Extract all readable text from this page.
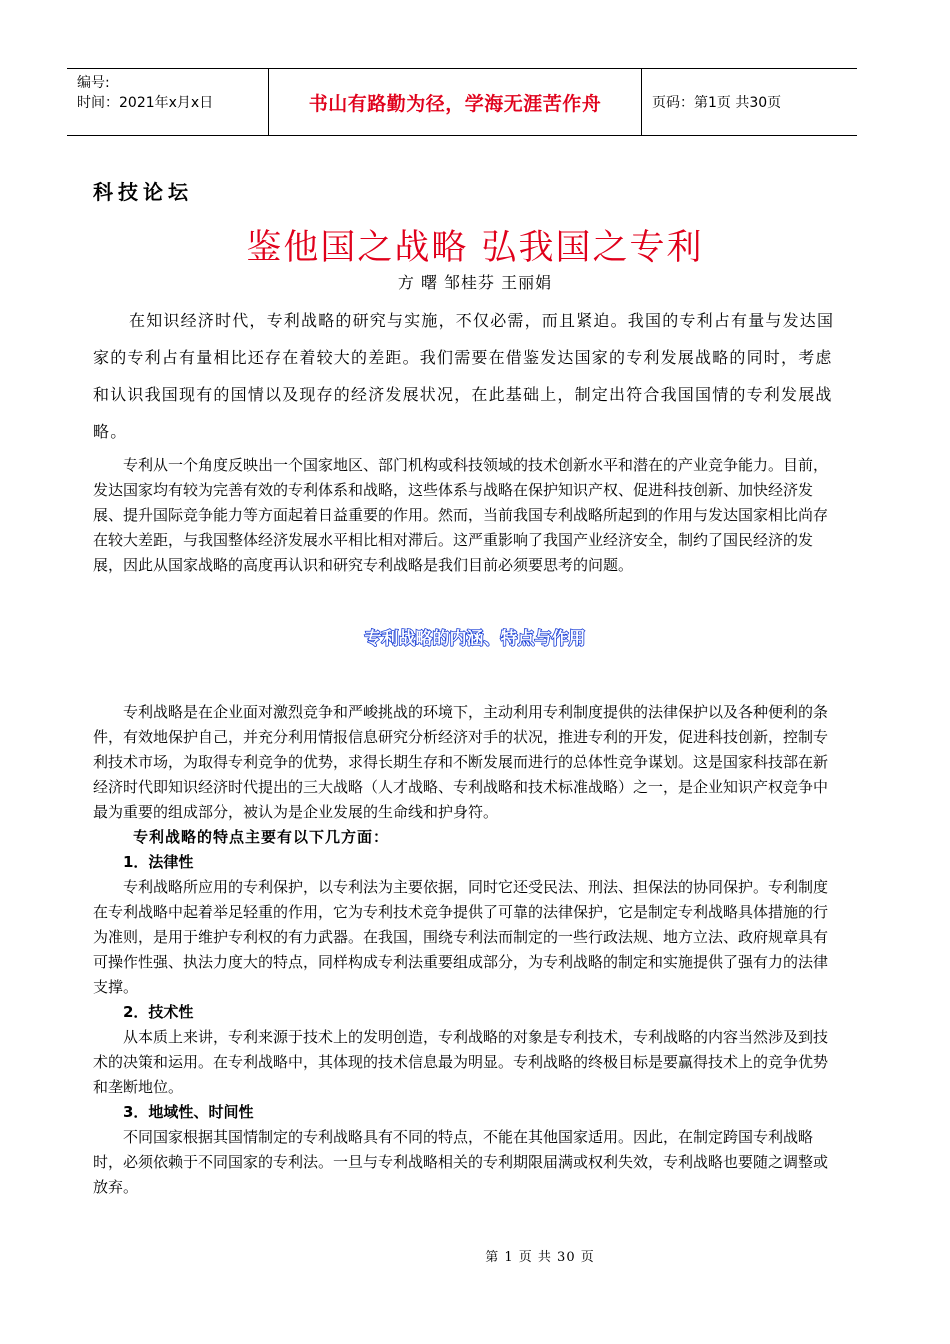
编号:
时间：2021年x月x日	书山有路勤为径，学海无涯苦作舟	页码：第1页 共30页
科技论坛
鉴他国之战略 弘我国之专利
方 曙 邹桂芬 王丽娟

在知识经济时代，专利战略的研究与实施，不仅必需，而且紧迫。我国的专利占有量与发达国家的专利占有量相比还存在着较大的差距。我们需要在借鉴发达国家的专利发展战略的同时，考虑和认识我国现有的国情以及现存的经济发展状况，在此基础上，制定出符合我国国情的专利发展战略。

专利从一个角度反映出一个国家地区、部门机构或科技领域的技术创新水平和潜在的产业竞争能力。目前，发达国家均有较为完善有效的专利体系和战略，这些体系与战略在保护知识产权、促进科技创新、加快经济发展、提升国际竞争能力等方面起着日益重要的作用。然而，当前我国专利战略所起到的作用与发达国家相比尚存在较大差距，与我国整体经济发展水平相比相对滞后。这严重影响了我国产业经济安全，制约了国民经济的发展，因此从国家战略的高度再认识和研究专利战略是我们目前必须要思考的问题。

专利战略的内涵、特点与作用

专利战略是在企业面对激烈竞争和严峻挑战的环境下，主动利用专利制度提供的法律保护以及各种便利的条件，有效地保护自己，并充分利用情报信息研究分析经济对手的状况，推进专利的开发，促进科技创新，控制专利技术市场，为取得专利竞争的优势，求得长期生存和不断发展而进行的总体性竞争谋划。这是国家科技部在新经济时代即知识经济时代提出的三大战略（人才战略、专利战略和技术标准战略）之一，是企业知识产权竞争中最为重要的组成部分，被认为是企业发展的生命线和护身符。

专利战略的特点主要有以下几方面：

1．法律性

专利战略所应用的专利保护，以专利法为主要依据，同时它还受民法、刑法、担保法的协同保护。专利制度在专利战略中起着举足轻重的作用，它为专利技术竞争提供了可靠的法律保护，它是制定专利战略具体措施的行为准则，是用于维护专利权的有力武器。在我国，围绕专利法而制定的一些行政法规、地方立法、政府规章具有可操作性强、执法力度大的特点，同样构成专利法重要组成部分，为专利战略的制定和实施提供了强有力的法律支撑。

2．技术性

从本质上来讲，专利来源于技术上的发明创造，专利战略的对象是专利技术，专利战略的内容当然涉及到技术的决策和运用。在专利战略中，其体现的技术信息最为明显。专利战略的终极目标是要赢得技术上的竞争优势和垄断地位。

3．地域性、时间性

不同国家根据其国情制定的专利战略具有不同的特点，不能在其他国家适用。因此，在制定跨国专利战略时，必须依赖于不同国家的专利法。一旦与专利战略相关的专利期限届满或权利失效，专利战略也要随之调整或放弃。

第 1 页 共 30 页
